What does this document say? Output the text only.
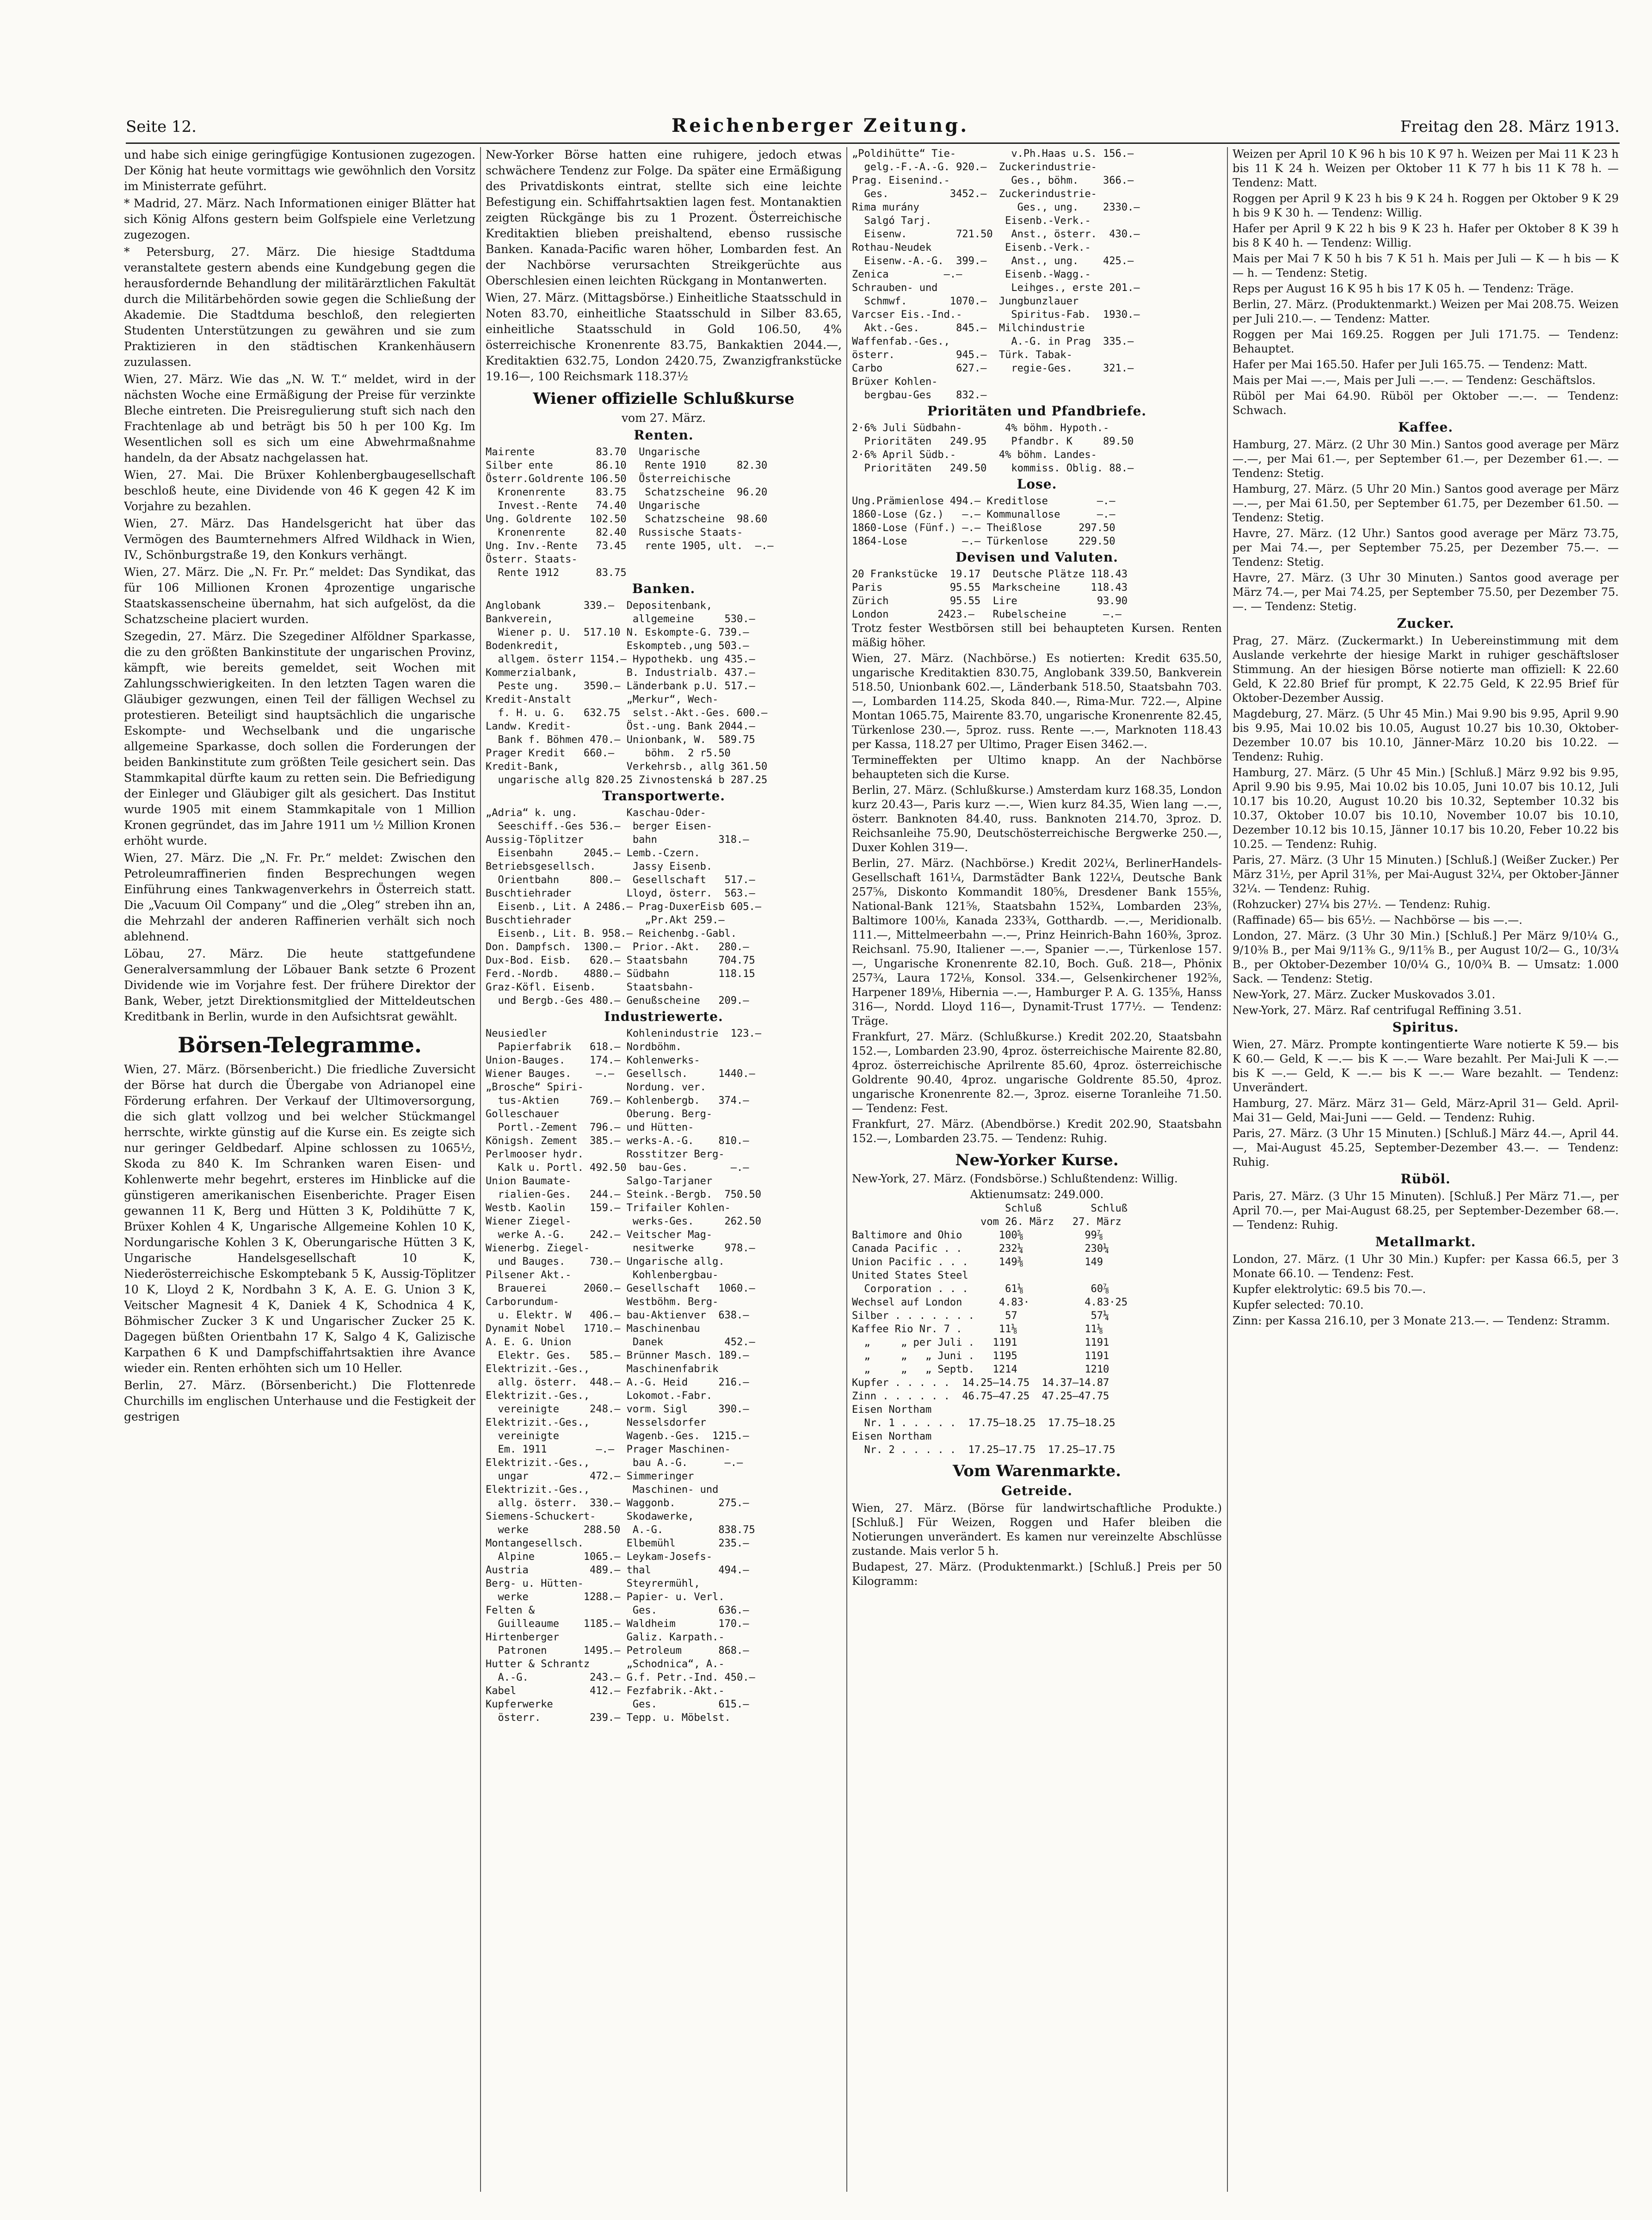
Seite 12.	Reichenberger Zeitung.	Freitag den 28. März 1913.

und habe sich einige geringfügige Kontusionen zugezogen. Der König hat heute vormittags wie gewöhnlich den Vorsitz im Ministerrate geführt.

* Madrid, 27. März. Nach Informationen einiger Blätter hat sich König Alfons gestern beim Golfspiele eine Verletzung zugezogen.

* Petersburg, 27. März. Die hiesige Stadtduma veranstaltete gestern abends eine Kundgebung gegen die herausfordernde Behandlung der militärärztlichen Fakultät durch die Militärbehörden sowie gegen die Schließung der Akademie. Die Stadtduma beschloß, den relegierten Studenten Unterstützungen zu gewähren und sie zum Praktizieren in den städtischen Krankenhäusern zuzulassen.

Wien, 27. März. Wie das „N. W. T.“ meldet, wird in der nächsten Woche eine Ermäßigung der Preise für verzinkte Bleche eintreten. Die Preisregulierung stuft sich nach den Frachtenlage ab und beträgt bis 50 h per 100 Kg. Im Wesentlichen soll es sich um eine Abwehrmaßnahme handeln, da der Absatz nachgelassen hat.

Wien, 27. Mai. Die Brüxer Kohlenbergbaugesellschaft beschloß heute, eine Dividende von 46 K gegen 42 K im Vorjahre zu bezahlen.

Wien, 27. März. Das Handelsgericht hat über das Vermögen des Baumternehmers Alfred Wildhack in Wien, IV., Schönburgstraße 19, den Konkurs verhängt.

Wien, 27. März. Die „N. Fr. Pr.“ meldet: Das Syndikat, das für 106 Millionen Kronen 4prozentige ungarische Staatskassenscheine übernahm, hat sich aufgelöst, da die Schatzscheine placiert wurden.

Szegedin, 27. März. Die Szegediner Alföldner Sparkasse, die zu den größten Bankinstitute der ungarischen Provinz, kämpft, wie bereits gemeldet, seit Wochen mit Zahlungsschwierigkeiten. In den letzten Tagen waren die Gläubiger gezwungen, einen Teil der fälligen Wechsel zu protestieren. Beteiligt sind hauptsächlich die ungarische Eskompte- und Wechselbank und die ungarische allgemeine Sparkasse, doch sollen die Forderungen der beiden Bankinstitute zum größten Teile gesichert sein. Das Stammkapital dürfte kaum zu retten sein. Die Befriedigung der Einleger und Gläubiger gilt als gesichert. Das Institut wurde 1905 mit einem Stammkapitale von 1 Million Kronen gegründet, das im Jahre 1911 um ½ Million Kronen erhöht wurde.

Wien, 27. März. Die „N. Fr. Pr.“ meldet: Zwischen den Petroleumraffinerien finden Besprechungen wegen Einführung eines Tankwagenverkehrs in Österreich statt. Die „Vacuum Oil Company“ und die „Oleg“ streben ihn an, die Mehrzahl der anderen Raffinerien verhält sich noch ablehnend.

Löbau, 27. März. Die heute stattgefundene Generalversammlung der Löbauer Bank setzte 6 Prozent Dividende wie im Vorjahre fest. Der frühere Direktor der Bank, Weber, jetzt Direktionsmitglied der Mitteldeutschen Kreditbank in Berlin, wurde in den Aufsichtsrat gewählt.

Börsen-Telegramme.

Wien, 27. März. (Börsenbericht.) Die friedliche Zuversicht der Börse hat durch die Übergabe von Adrianopel eine Förderung erfahren. Der Verkauf der Ultimoversorgung, die sich glatt vollzog und bei welcher Stückmangel herrschte, wirkte günstig auf die Kurse ein. Es zeigte sich nur geringer Geldbedarf. Alpine schlossen zu 1065½, Skoda zu 840 K. Im Schranken waren Eisen- und Kohlenwerte mehr begehrt, ersteres im Hinblicke auf die günstigeren amerikanischen Eisenberichte. Prager Eisen gewannen 11 K, Berg und Hütten 3 K, Poldihütte 7 K, Brüxer Kohlen 4 K, Ungarische Allgemeine Kohlen 10 K, Nordungarische Kohlen 3 K, Oberungarische Hütten 3 K, Ungarische Handelsgesellschaft 10 K, Niederösterreichische Eskomptebank 5 K, Aussig-Töplitzer 10 K, Lloyd 2 K, Nordbahn 3 K, A. E. G. Union 3 K, Veitscher Magnesit 4 K, Daniek 4 K, Schodnica 4 K, Böhmischer Zucker 3 K und Ungarischer Zucker 25 K. Dagegen büßten Orientbahn 17 K, Salgo 4 K, Galizische Karpathen 6 K und Dampfschiffahrtsaktien ihre Avance wieder ein. Renten erhöhten sich um 10 Heller.

Berlin, 27. März. (Börsenbericht.) Die Flottenrede Churchills im englischen Unterhause und die Festigkeit der gestrigen

New-Yorker Börse hatten eine ruhigere, jedoch etwas schwächere Tendenz zur Folge. Da später eine Ermäßigung des Privatdiskonts eintrat, stellte sich eine leichte Befestigung ein. Schiffahrtsaktien lagen fest. Montanaktien zeigten Rückgänge bis zu 1 Prozent. Österreichische Kreditaktien blieben preishaltend, ebenso russische Banken. Kanada-Pacific waren höher, Lombarden fest. An der Nachbörse verursachten Streikgerüchte aus Oberschlesien einen leichten Rückgang in Montanwerten.

Wien, 27. März. (Mittagsbörse.) Einheitliche Staatsschuld in Noten 83.70, einheitliche Staatsschuld in Silber 83.65, einheitliche Staatsschuld in Gold 106.50, 4% österreichische Kronenrente 83.75, Bankaktien 2044.—, Kreditaktien 632.75, London 2420.75, Zwanzigfrankstücke 19.16—, 100 Reichsmark 118.37½

Wiener offizielle Schlußkurse
vom 27. März.
Renten.
Mairente          83.70  Ungarische
Silber ente       86.10   Rente 1910     82.30
Österr.Goldrente 106.50  Österreichische
Kronenrente     83.75   Schatzscheine  96.20
Invest.-Rente   74.40  Ungarische
Ung. Goldrente   102.50   Schatzscheine  98.60
Kronenrente     82.40  Russische Staats-
Ung. Inv.-Rente   73.45   rente 1905, ult.  —.—
Österr. Staats-
Rente 1912      83.75
Banken.
Anglobank       339.—  Depositenbank,
Bankverein,             allgemeine     530.—
Wiener p. U.  517.10 N. Eskompte-G. 739.—
Bodenkredit,           Eskompteb.,ung 503.—
allgem. österr 1154.— Hypothekb. ung 435.—
Kommerzialbank,        B. Industrialb. 437.—
Peste ung.    3590.— Länderbank p.U. 517.—
Kredit-Anstalt         „Merkur“, Wech-
f. H. u. G.   632.75  selst.-Akt.-Ges. 600.—
Landw. Kredit-         Öst.-ung. Bank 2044.—
Bank f. Böhmen 470.— Unionbank, W.  589.75
Prager Kredit   660.—     böhm.  2 r5.50
Kredit-Bank,           Verkehrsb., allg 361.50
ungarische allg 820.25 Zivnostenská b 287.25
Transportwerte.
„Adria“ k. ung.        Kaschau-Oder-
Seeschiff.-Ges 536.—  berger Eisen-
Aussig-Töplitzer        bahn          318.—
Eisenbahn     2045.— Lemb.-Czern.
Betriebsgesellsch.      Jassy Eisenb.
Orientbahn     800.—  Gesellschaft   517.—
Buschtiehrader         Lloyd, österr.  563.—
Eisenb., Lit. A 2486.— Prag-DuxerEisb 605.—
Buschtiehrader            „Pr.Akt 259.—
Eisenb., Lit. B. 958.— Reichenbg.-Gabl.
Don. Dampfsch.  1300.—  Prior.-Akt.   280.—
Dux-Bod. Eisb.   620.— Staatsbahn     704.75
Ferd.-Nordb.    4880.— Südbahn        118.15
Graz-Köfl. Eisenb.     Staatsbahn-
und Bergb.-Ges 480.— Genußscheine   209.—
Industriewerte.
Neusiedler             Kohlenindustrie  123.—
Papierfabrik   618.— Nordböhm.
Union-Bauges.    174.— Kohlenwerks-
Wiener Bauges.    —.—  Gesellsch.     1440.—
„Brosche“ Spiri-       Nordung. ver.
tus-Aktien     769.— Kohlenbergb.   374.—
Golleschauer           Oberung. Berg-
Portl.-Zement  796.— und Hütten-
Königsh. Zement  385.— werks-A.-G.    810.—
Perlmooser hydr.       Rosstitzer Berg-
Kalk u. Portl. 492.50  bau-Ges.       —.—
Union Baumate-         Salgo-Tarjaner
rialien-Ges.   244.— Steink.-Bergb.  750.50
Westb. Kaolin    159.— Trifailer Kohlen-
Wiener Ziegel-          werks-Ges.     262.50
werke A.-G.    242.— Veitscher Mag-
Wienerbg. Ziegel-       nesitwerke     978.—
und Bauges.    730.— Ungarische allg.
Pilsener Akt.-          Kohlenbergbau-
Brauerei      2060.— Gesellschaft   1060.—
Carborundum-           Westböhm. Berg-
u. Elektr. W   406.— bau-Aktienver  638.—
Dynamit Nobel   1710.— Maschinenbau
A. E. G. Union          Danek          452.—
Elektr. Ges.   585.— Brünner Masch. 189.—
Elektrizit.-Ges.,      Maschinenfabrik
allg. österr.  448.— A.-G. Heid     216.—
Elektrizit.-Ges.,      Lokomot.-Fabr.
vereinigte     248.— vorm. Sigl     390.—
Elektrizit.-Ges.,      Nesselsdorfer
vereinigte           Wagenb.-Ges.  1215.—
Em. 1911        —.—  Prager Maschinen-
Elektrizit.-Ges.,       bau A.-G.      —.—
ungar          472.— Simmeringer
Elektrizit.-Ges.,       Maschinen- und
allg. österr.  330.— Waggonb.       275.—
Siemens-Schuckert-     Skodawerke,
werke         288.50  A.-G.         838.75
Montangesellsch.       Elbemühl       235.—
Alpine        1065.— Leykam-Josefs-
Austria          489.— thal           494.—
Berg- u. Hütten-       Steyrermühl,
werke         1288.— Papier- u. Verl.
Felten &                Ges.          636.—
Guilleaume    1185.— Waldheim       170.—
Hirtenberger           Galiz. Karpath.-
Patronen      1495.— Petroleum      868.—
Hutter & Schrantz      „Schodnica“, A.-
A.-G.          243.— G.f. Petr.-Ind. 450.—
Kabel            412.— Fezfabrik.-Akt.-
Kupferwerke             Ges.          615.—
österr.        239.— Tepp. u. Möbelst.
„Poldihütte“ Tie-         v.Ph.Haas u.S. 156.—
gelg.-F.-A.-G. 920.—  Zuckerindustrie-
Prag. Eisenind.-          Ges., böhm.    366.—
Ges.          3452.—  Zuckerindustrie-
Rima murány                Ges., ung.    2330.—
Salgó Tarj.            Eisenb.-Verk.-
Eisenw.        721.50   Anst., österr.  430.—
Rothau-Neudek            Eisenb.-Verk.-
Eisenw.-A.-G.  399.—    Anst., ung.    425.—
Zenica         —.—       Eisenb.-Wagg.-
Schrauben- und            Leihges., erste 201.—
Schmwf.       1070.—  Jungbunzlauer
Varcser Eis.-Ind.-        Spiritus-Fab.  1930.—
Akt.-Ges.      845.—  Milchindustrie
Waffenfab.-Ges.,          A.-G. in Prag  335.—
österr.          945.—  Türk. Tabak-
Carbo            627.—    regie-Ges.     321.—
Brüxer Kohlen-
bergbau-Ges    832.—
Prioritäten und Pfandbriefe.
2·6% Juli Südbahn-       4% böhm. Hypoth.-
Prioritäten   249.95    Pfandbr. K     89.50
2·6% April Südb.-       4% böhm. Landes-
Prioritäten   249.50    kommiss. Oblig. 88.—
Lose.
Ung.Prämienlose 494.— Kreditlose        —.—
1860-Lose (Gz.)   —.— Kommunallose      —.—
1860-Lose (Fünf.) —.— Theißlose      297.50
1864-Lose         —.— Türkenlose     229.50
Devisen und Valuten.
20 Frankstücke  19.17  Deutsche Plätze 118.43
Paris           95.55  Markscheine     118.43
Zürich          95.55  Lire             93.90
London        2423.—   Rubelscheine      —.—

Trotz fester Westbörsen still bei behaupteten Kursen. Renten mäßig höher.

Wien, 27. März. (Nachbörse.) Es notierten: Kredit 635.50, ungarische Kreditaktien 830.75, Anglobank 339.50, Bankverein 518.50, Unionbank 602.—, Länderbank 518.50, Staatsbahn 703.—, Lombarden 114.25, Skoda 840.—, Rima-Mur. 722.—, Alpine Montan 1065.75, Mairente 83.70, ungarische Kronenrente 82.45, Türkenlose 230.—, 5proz. russ. Rente —.—, Marknoten 118.43 per Kassa, 118.27 per Ultimo, Prager Eisen 3462.—.

Termineffekten per Ultimo knapp. An der Nachbörse behaupteten sich die Kurse.

Berlin, 27. März. (Schlußkurse.) Amsterdam kurz 168.35, London kurz 20.43—, Paris kurz —.—, Wien kurz 84.35, Wien lang —.—, österr. Banknoten 84.40, russ. Banknoten 214.70, 3proz. D. Reichsanleihe 75.90, Deutschösterreichische Bergwerke 250.—, Duxer Kohlen 319—.

Berlin, 27. März. (Nachbörse.) Kredit 202¼, BerlinerHandels-Gesellschaft 161¼, Darmstädter Bank 122¼, Deutsche Bank 257⅝, Diskonto Kommandit 180⅝, Dresdener Bank 155⅝, National-Bank 121⅝, Staatsbahn 152¾, Lombarden 23⅝, Baltimore 100⅛, Kanada 233¾, Gotthardb. —.—, Meridionalb. 111.—, Mittelmeerbahn —.—, Prinz Heinrich-Bahn 160⅜, 3proz. Reichsanl. 75.90, Italiener —.—, Spanier —.—, Türkenlose 157.—, Ungarische Kronenrente 82.10, Boch. Guß. 218—, Phönix 257¾, Laura 172⅛, Konsol. 334.—, Gelsenkirchener 192⅝, Harpener 189⅛, Hibernia —.—, Hamburger P. A. G. 135⅝, Hanss 316—, Nordd. Lloyd 116—, Dynamit-Trust 177½. — Tendenz: Träge.

Frankfurt, 27. März. (Schlußkurse.) Kredit 202.20, Staatsbahn 152.—, Lombarden 23.90, 4proz. österreichische Mairente 82.80, 4proz. österreichische Aprilrente 85.60, 4proz. österreichische Goldrente 90.40, 4proz. ungarische Goldrente 85.50, 4proz. ungarische Kronenrente 82.—, 3proz. eiserne Toranleihe 71.50. — Tendenz: Fest.

Frankfurt, 27. März. (Abendbörse.) Kredit 202.90, Staatsbahn 152.—, Lombarden 23.75. — Tendenz: Ruhig.

New-Yorker Kurse.

New-York, 27. März. (Fondsbörse.) Schlußtendenz: Willig.

Aktienumsatz: 249.000.
Schluß        Schluß
vom 26. März   27. März
Baltimore and Ohio      100⅝          99⅞
Canada Pacific . .      232¼          230¼
Union Pacific . . .     149⅜          149
United States Steel
Corporation . . .      61⅛           60⅞
Wechsel auf London      4.83·         4.83·25
Silber . . . . . . .     57            57¼
Kaffee Rio Nr. 7 .      11⅛           11⅛
„     „ per Juli .   1191           1191
„     „   „ Juni .   1195           1191
„     „   „ Septb.   1214           1210
Kupfer . . . . .  14.25—14.75  14.37—14.87
Zinn . . . . . .  46.75—47.25  47.25—47.75
Eisen Northam
Nr. 1 . . . . .  17.75—18.25  17.75—18.25
Eisen Northam
Nr. 2 . . . . .  17.25—17.75  17.25—17.75
Vom Warenmarkte.
Getreide.

Wien, 27. März. (Börse für landwirtschaftliche Produkte.) [Schluß.] Für Weizen, Roggen und Hafer bleiben die Notierungen unverändert. Es kamen nur vereinzelte Abschlüsse zustande. Mais verlor 5 h.

Budapest, 27. März. (Produktenmarkt.) [Schluß.] Preis per 50 Kilogramm:

Weizen per April 10 K 96 h bis 10 K 97 h. Weizen per Mai 11 K 23 h bis 11 K 24 h. Weizen per Oktober 11 K 77 h bis 11 K 78 h. — Tendenz: Matt.

Roggen per April 9 K 23 h bis 9 K 24 h. Roggen per Oktober 9 K 29 h bis 9 K 30 h. — Tendenz: Willig.

Hafer per April 9 K 22 h bis 9 K 23 h. Hafer per Oktober 8 K 39 h bis 8 K 40 h. — Tendenz: Willig.

Mais per Mai 7 K 50 h bis 7 K 51 h. Mais per Juli — K — h bis — K — h. — Tendenz: Stetig.

Reps per August 16 K 95 h bis 17 K 05 h. — Tendenz: Träge.

Berlin, 27. März. (Produktenmarkt.) Weizen per Mai 208.75. Weizen per Juli 210.—. — Tendenz: Matter.

Roggen per Mai 169.25. Roggen per Juli 171.75. — Tendenz: Behauptet.

Hafer per Mai 165.50. Hafer per Juli 165.75. — Tendenz: Matt.

Mais per Mai —.—, Mais per Juli —.—. — Tendenz: Geschäftslos.

Rüböl per Mai 64.90. Rüböl per Oktober —.—. — Tendenz: Schwach.

Kaffee.

Hamburg, 27. März. (2 Uhr 30 Min.) Santos good average per März —.—, per Mai 61.—, per September 61.—, per Dezember 61.—. — Tendenz: Stetig.

Hamburg, 27. März. (5 Uhr 20 Min.) Santos good average per März —.—, per Mai 61.50, per September 61.75, per Dezember 61.50. — Tendenz: Stetig.

Havre, 27. März. (12 Uhr.) Santos good average per März 73.75, per Mai 74.—, per September 75.25, per Dezember 75.—. — Tendenz: Stetig.

Havre, 27. März. (3 Uhr 30 Minuten.) Santos good average per März 74.—, per Mai 74.25, per September 75.50, per Dezember 75.—. — Tendenz: Stetig.

Zucker.

Prag, 27. März. (Zuckermarkt.) In Uebereinstimmung mit dem Auslande verkehrte der hiesige Markt in ruhiger geschäftsloser Stimmung. An der hiesigen Börse notierte man offiziell: K 22.60 Geld, K 22.80 Brief für prompt, K 22.75 Geld, K 22.95 Brief für Oktober-Dezember Aussig.

Magdeburg, 27. März. (5 Uhr 45 Min.) Mai 9.90 bis 9.95, April 9.90 bis 9.95, Mai 10.02 bis 10.05, August 10.27 bis 10.30, Oktober-Dezember 10.07 bis 10.10, Jänner-März 10.20 bis 10.22. — Tendenz: Ruhig.

Hamburg, 27. März. (5 Uhr 45 Min.) [Schluß.] März 9.92 bis 9.95, April 9.90 bis 9.95, Mai 10.02 bis 10.05, Juni 10.07 bis 10.12, Juli 10.17 bis 10.20, August 10.20 bis 10.32, September 10.32 bis 10.37, Oktober 10.07 bis 10.10, November 10.07 bis 10.10, Dezember 10.12 bis 10.15, Jänner 10.17 bis 10.20, Feber 10.22 bis 10.25. — Tendenz: Ruhig.

Paris, 27. März. (3 Uhr 15 Minuten.) [Schluß.] (Weißer Zucker.) Per März 31½, per April 31⅝, per Mai-August 32¼, per Oktober-Jänner 32¼. — Tendenz: Ruhig.

(Rohzucker) 27¼ bis 27½. — Tendenz: Ruhig.

(Raffinade) 65— bis 65½. — Nachbörse — bis —.—.

London, 27. März. (3 Uhr 30 Min.) [Schluß.] Per März 9/10¼ G., 9/10⅜ B., per Mai 9/11⅜ G., 9/11⅝ B., per August 10/2— G., 10/3¼ B., per Oktober-Dezember 10/0¼ G., 10/0¾ B. — Umsatz: 1.000 Sack. — Tendenz: Stetig.

New-York, 27. März. Zucker Muskovados 3.01.

New-York, 27. März. Raf centrifugal Reffining 3.51.

Spiritus.

Wien, 27. März. Prompte kontingentierte Ware notierte K 59.— bis K 60.— Geld, K —.— bis K —.— Ware bezahlt. Per Mai-Juli K —.— bis K —.— Geld, K —.— bis K —.— Ware bezahlt. — Tendenz: Unverändert.

Hamburg, 27. März. März 31— Geld, März-April 31— Geld. April-Mai 31— Geld, Mai-Juni —— Geld. — Tendenz: Ruhig.

Paris, 27. März. (3 Uhr 15 Minuten.) [Schluß.] März 44.—, April 44.—, Mai-August 45.25, September-Dezember 43.—. — Tendenz: Ruhig.

Rüböl.

Paris, 27. März. (3 Uhr 15 Minuten). [Schluß.] Per März 71.—, per April 70.—, per Mai-August 68.25, per September-Dezember 68.—. — Tendenz: Ruhig.

Metallmarkt.

London, 27. März. (1 Uhr 30 Min.) Kupfer: per Kassa 66.5, per 3 Monate 66.10. — Tendenz: Fest.

Kupfer elektrolytic: 69.5 bis 70.—.

Kupfer selected: 70.10.

Zinn: per Kassa 216.10, per 3 Monate 213.—. — Tendenz: Stramm.
